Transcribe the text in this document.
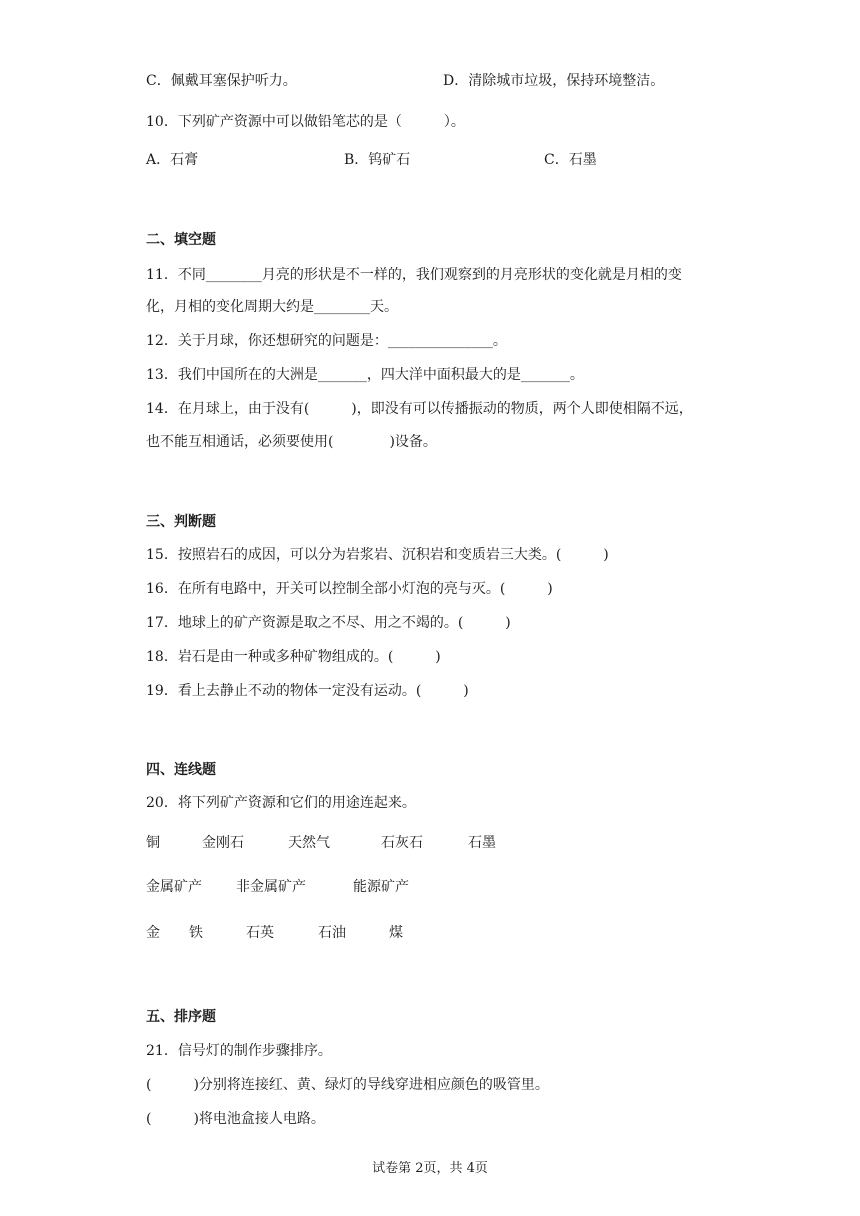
C．佩戴耳塞保护听力。	D．清除城市垃圾，保持环境整洁。
10．下列矿产资源中可以做铅笔芯的是（　　　）。
A．石膏	B．钨矿石	C．石墨
二、填空题
11．不同________月亮的形状是不一样的，我们观察到的月亮形状的变化就是月相的变
化，月相的变化周期大约是________天。
12．关于月球，你还想研究的问题是：_______________。
13．我们中国所在的大洲是_______，四大洋中面积最大的是_______。
14．在月球上，由于没有(　　　)，即没有可以传播振动的物质，两个人即使相隔不远，
也不能互相通话，必须要使用(　　　　)设备。
三、判断题
15．按照岩石的成因，可以分为岩浆岩、沉积岩和变质岩三大类。(　　　)
16．在所有电路中，开关可以控制全部小灯泡的亮与灭。(　　　)
17．地球上的矿产资源是取之不尽、用之不竭的。(　　　)
18．岩石是由一种或多种矿物组成的。(　　　)
19．看上去静止不动的物体一定没有运动。(　　　)
四、连线题
20．将下列矿产资源和它们的用途连起来。
铜	金刚石	天然气	石灰石	石墨
金属矿产 非金属矿产	能源矿产
金 铁	石英	石油	煤
五、排序题
21．信号灯的制作步骤排序。
(　　　)分别将连接红、黄、绿灯的导线穿进相应颜色的吸管里。
(　　　)将电池盒接人电路。
试卷第 2页，共 4页
